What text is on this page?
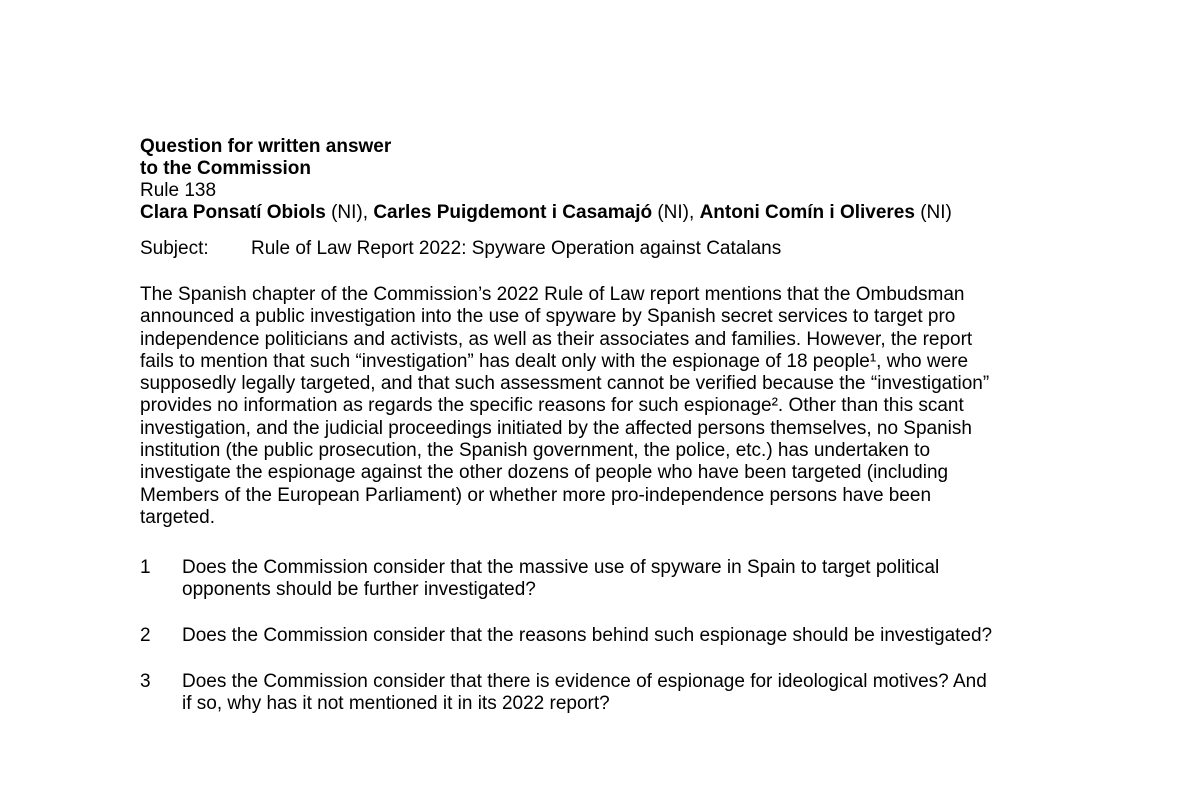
Question for written answer
to the Commission
Rule 138
Clara Ponsatí Obiols (NI), Carles Puigdemont i Casamajó (NI), Antoni Comín i Oliveres (NI)
Subject: Rule of Law Report 2022: Spyware Operation against Catalans
The Spanish chapter of the Commission’s 2022 Rule of Law report mentions that the Ombudsman
announced a public investigation into the use of spyware by Spanish secret services to target pro
independence politicians and activists, as well as their associates and families. However, the report
fails to mention that such “investigation” has dealt only with the espionage of 18 people¹, who were
supposedly legally targeted, and that such assessment cannot be verified because the “investigation”
provides no information as regards the specific reasons for such espionage². Other than this scant
investigation, and the judicial proceedings initiated by the affected persons themselves, no Spanish
institution (the public prosecution, the Spanish government, the police, etc.) has undertaken to
investigate the espionage against the other dozens of people who have been targeted (including
Members of the European Parliament) or whether more pro-independence persons have been
targeted.
1	Does the Commission consider that the massive use of spyware in Spain to target political
opponents should be further investigated?
2	Does the Commission consider that the reasons behind such espionage should be investigated?
3	Does the Commission consider that there is evidence of espionage for ideological motives? And
if so, why has it not mentioned it in its 2022 report?
